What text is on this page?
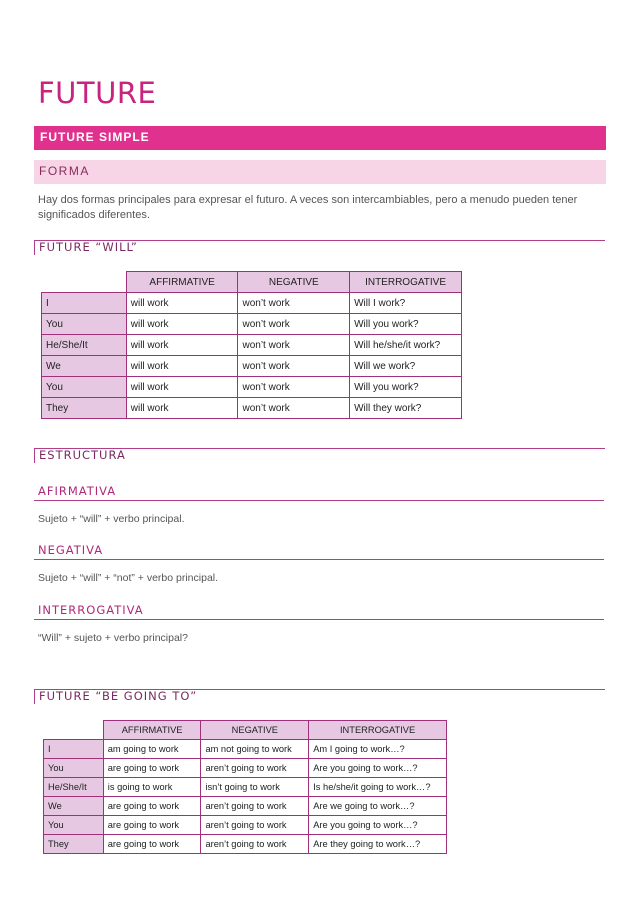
FUTURE
FUTURE SIMPLE
FORMA
Hay dos formas principales para expresar el futuro. A veces son intercambiables, pero a menudo pueden tener significados diferentes.
FUTURE “WILL”
	AFFIRMATIVE	NEGATIVE	INTERROGATIVE
I	will work	won’t work	Will I work?
You	will work	won’t work	Will you work?
He/She/It	will work	won’t work	Will he/she/it work?
We	will work	won’t work	Will we work?
You	will work	won’t work	Will you work?
They	will work	won’t work	Will they work?
ESTRUCTURA
AFIRMATIVA
Sujeto + “will” + verbo principal.
NEGATIVA
Sujeto + “will” + “not” + verbo principal.
INTERROGATIVA
“Will” + sujeto + verbo principal?
FUTURE “BE GOING TO”
	AFFIRMATIVE	NEGATIVE	INTERROGATIVE
I	am going to work	am not going to work	Am I going to work…?
You	are going to work	aren’t going to work	Are you going to work…?
He/She/It	is going to work	isn’t going to work	Is he/she/it going to work…?
We	are going to work	aren’t going to work	Are we going to work…?
You	are going to work	aren’t going to work	Are you going to work…?
They	are going to work	aren’t going to work	Are they going to work…?
